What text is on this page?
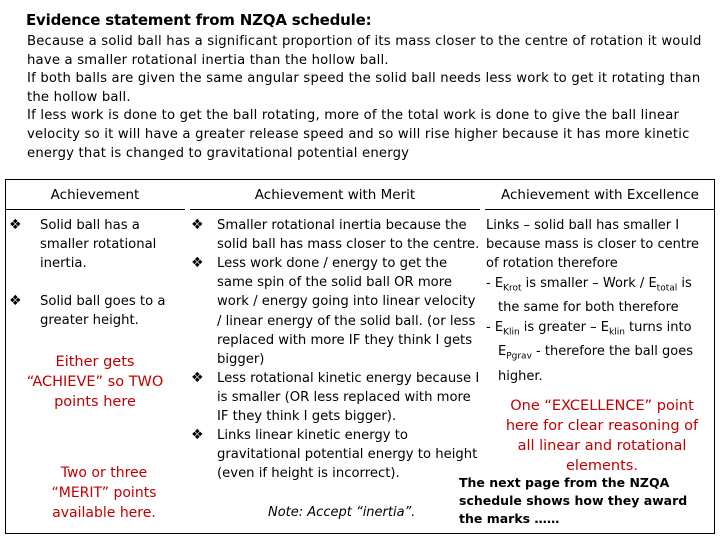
Evidence statement from NZQA schedule:
Because a solid ball has a significant proportion of its mass closer to the centre of rotation it would
have a smaller rotational inertia than the hollow ball.
If both balls are given the same angular speed the solid ball needs less work to get it rotating than
the hollow ball.
If less work is done to get the ball rotating, more of the total work is done to give the ball linear
velocity so it will have a greater release speed and so will rise higher because it has more kinetic
energy that is changed to gravitational potential energy
Achievement	Achievement with Merit	Achievement with Excellence
❖ Solid ball has a
smaller rotational
inertia.
❖ Solid ball goes to a
greater height.
Either gets
“ACHIEVE” so TWO
points here
Two or three
“MERIT” points
available here.
❖ Smaller rotational inertia because the
solid ball has mass closer to the centre.
❖ Less work done / energy to get the
same spin of the solid ball OR more
work / energy going into linear velocity
/ linear energy of the solid ball. (or less
replaced with more IF they think I gets
bigger)
❖ Less rotational kinetic energy because I
is smaller (OR less replaced with more
IF they think I gets bigger).
❖ Links linear kinetic energy to
gravitational potential energy to height
(even if height is incorrect).
Note: Accept “inertia”.
Links – solid ball has smaller I
because mass is closer to centre
of rotation therefore
- $E_{Krot}$ is smaller – Work / $E_{total}$ is
the same for both therefore
- $E_{Klin}$ is greater – $E_{klin}$ turns into
$E_{Pgrav}$ - therefore the ball goes
higher.
One “EXCELLENCE” point
here for clear reasoning of
all linear and rotational
elements.
The next page from the NZQA
schedule shows how they award
the marks ……
